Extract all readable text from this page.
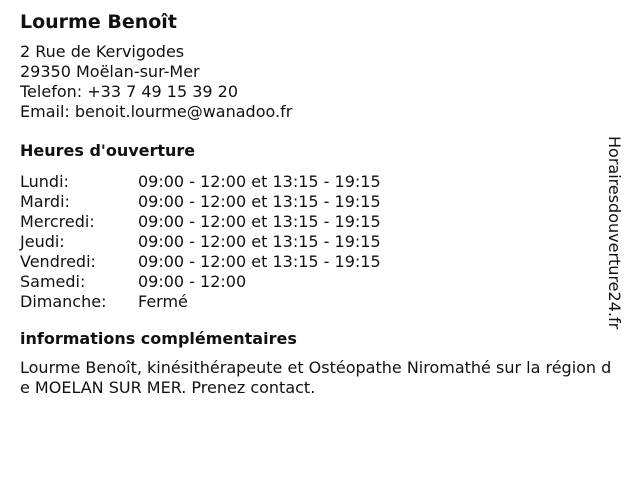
Lourme Benoît
2 Rue de Kervigodes
29350 Moëlan-sur-Mer
Telefon: +33 7 49 15 39 20
Email: benoit.lourme@wanadoo.fr
Heures d'ouverture
Lundi:	09:00 - 12:00 et 13:15 - 19:15
Mardi:	09:00 - 12:00 et 13:15 - 19:15
Mercredi:	09:00 - 12:00 et 13:15 - 19:15
Jeudi:	09:00 - 12:00 et 13:15 - 19:15
Vendredi:	09:00 - 12:00 et 13:15 - 19:15
Samedi:	09:00 - 12:00
Dimanche:	Fermé
informations complémentaires
Lourme Benoît, kinésithérapeute et Ostéopathe Niromathé sur la région de MOELAN SUR MER. Prenez contact.
Horairesdouverture24.fr
